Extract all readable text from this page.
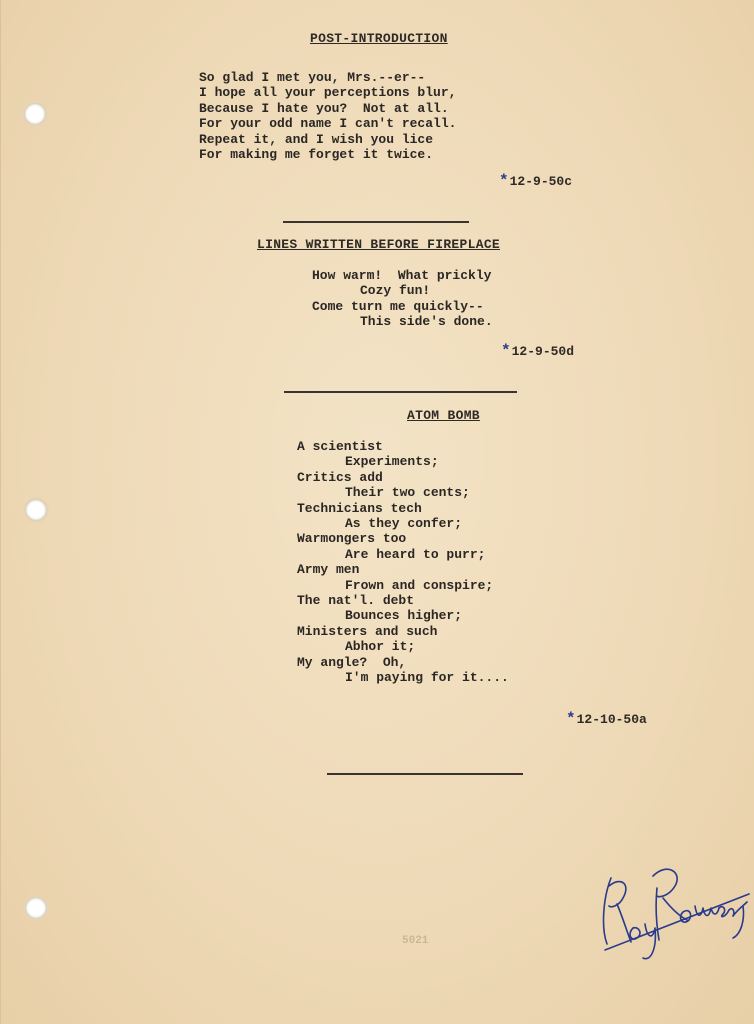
POST-INTRODUCTION
So glad I met you, Mrs.--er--
I hope all your perceptions blur,
Because I hate you?  Not at all.
For your odd name I can't recall.
Repeat it, and I wish you lice
For making me forget it twice.
*12-9-50c
LINES WRITTEN BEFORE FIREPLACE
How warm!  What prickly
Cozy fun!
Come turn me quickly--
This side's done.
*12-9-50d
ATOM BOMB
A scientist
Experiments;
Critics add
Their two cents;
Technicians tech
As they confer;
Warmongers too
Are heard to purr;
Army men
Frown and conspire;
The nat'l. debt
Bounces higher;
Ministers and such
Abhor it;
My angle?  Oh,
I'm paying for it....
*12-10-50a
5021
